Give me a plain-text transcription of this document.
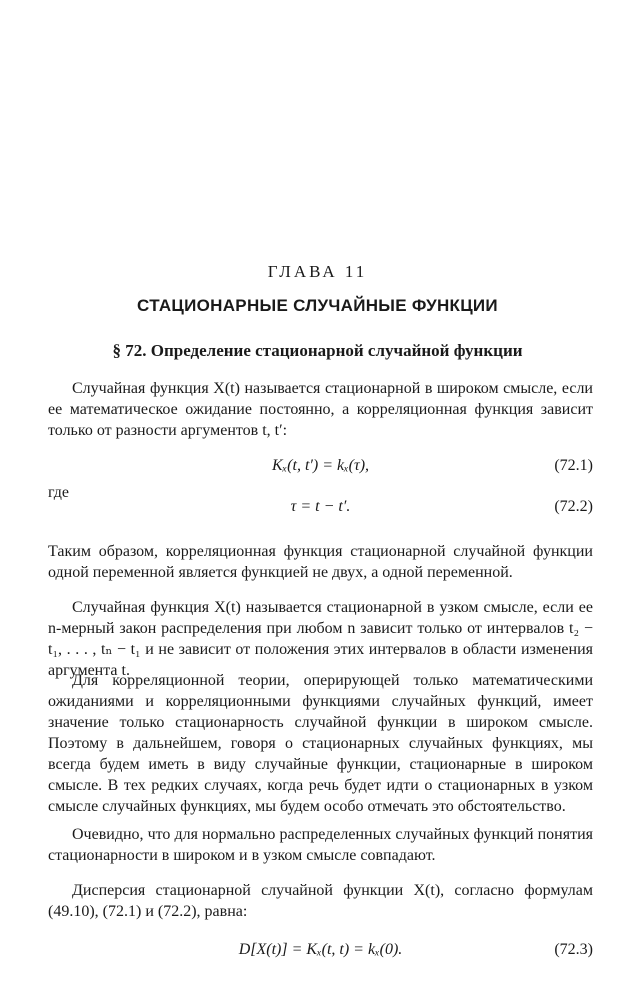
ГЛАВА 11
СТАЦИОНАРНЫЕ СЛУЧАЙНЫЕ ФУНКЦИИ
§ 72. Определение стационарной случайной функции
Случайная функция X(t) называется стационарной в широком смысле, если ее математическое ожидание постоянно, а корреляционная функция зависит только от разности аргументов t, t′:
Kₓ(t, t′) = kₓ(τ),	(72.1)
где
τ = t − t′.	(72.2)
Таким образом, корреляционная функция стационарной случайной функции одной переменной является функцией не двух, а одной переменной.
Случайная функция X(t) называется стационарной в узком смысле, если ее n-мерный закон распределения при любом n зависит только от интервалов t₂ − t₁, . . . , tₙ − t₁ и не зависит от положения этих интервалов в области изменения аргумента t.
Для корреляционной теории, оперирующей только математическими ожиданиями и корреляционными функциями случайных функций, имеет значение только стационарность случайной функции в широком смысле. Поэтому в дальнейшем, говоря о стационарных случайных функциях, мы всегда будем иметь в виду случайные функции, стационарные в широком смысле. В тех редких случаях, когда речь будет идти о стационарных в узком смысле случайных функциях, мы будем особо отмечать это обстоятельство.
Очевидно, что для нормально распределенных случайных функций понятия стационарности в широком и в узком смысле совпадают.
Дисперсия стационарной случайной функции X(t), согласно формулам (49.10), (72.1) и (72.2), равна:
D[X(t)] = Kₓ(t, t) = kₓ(0).	(72.3)
